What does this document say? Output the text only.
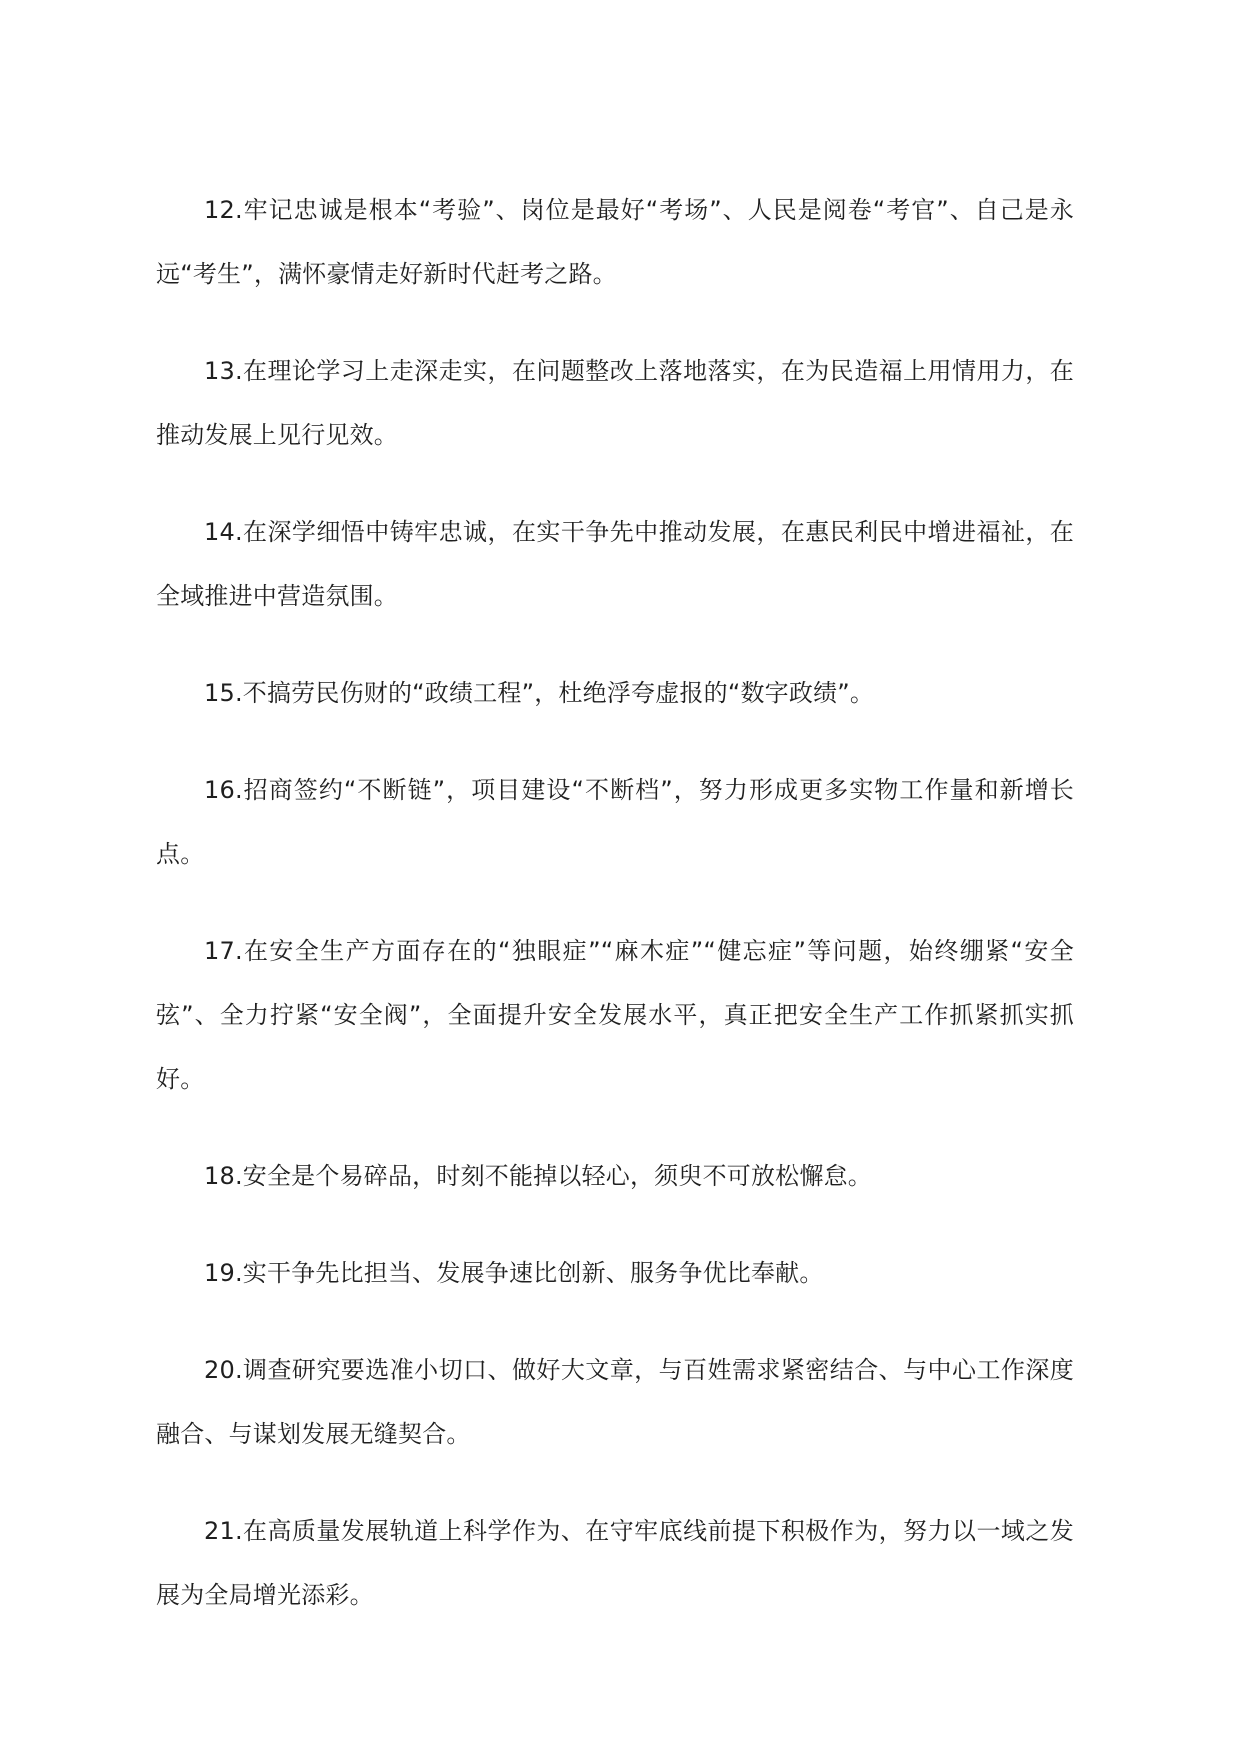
12.牢记忠诚是根本“考验”、岗位是最好“考场”、人民是阅卷“考官”、自己是永远“考生”，满怀豪情走好新时代赶考之路。

13.在理论学习上走深走实，在问题整改上落地落实，在为民造福上用情用力，在推动发展上见行见效。

14.在深学细悟中铸牢忠诚，在实干争先中推动发展，在惠民利民中增进福祉，在全域推进中营造氛围。

15.不搞劳民伤财的“政绩工程”，杜绝浮夸虚报的“数字政绩”。

16.招商签约“不断链”，项目建设“不断档”，努力形成更多实物工作量和新增长点。

17.在安全生产方面存在的“独眼症”“麻木症”“健忘症”等问题，始终绷紧“安全弦”、全力拧紧“安全阀”，全面提升安全发展水平，真正把安全生产工作抓紧抓实抓好。

18.安全是个易碎品，时刻不能掉以轻心，须臾不可放松懈怠。

19.实干争先比担当、发展争速比创新、服务争优比奉献。

20.调查研究要选准小切口、做好大文章，与百姓需求紧密结合、与中心工作深度融合、与谋划发展无缝契合。

21.在高质量发展轨道上科学作为、在守牢底线前提下积极作为，努力以一域之发展为全局增光添彩。
